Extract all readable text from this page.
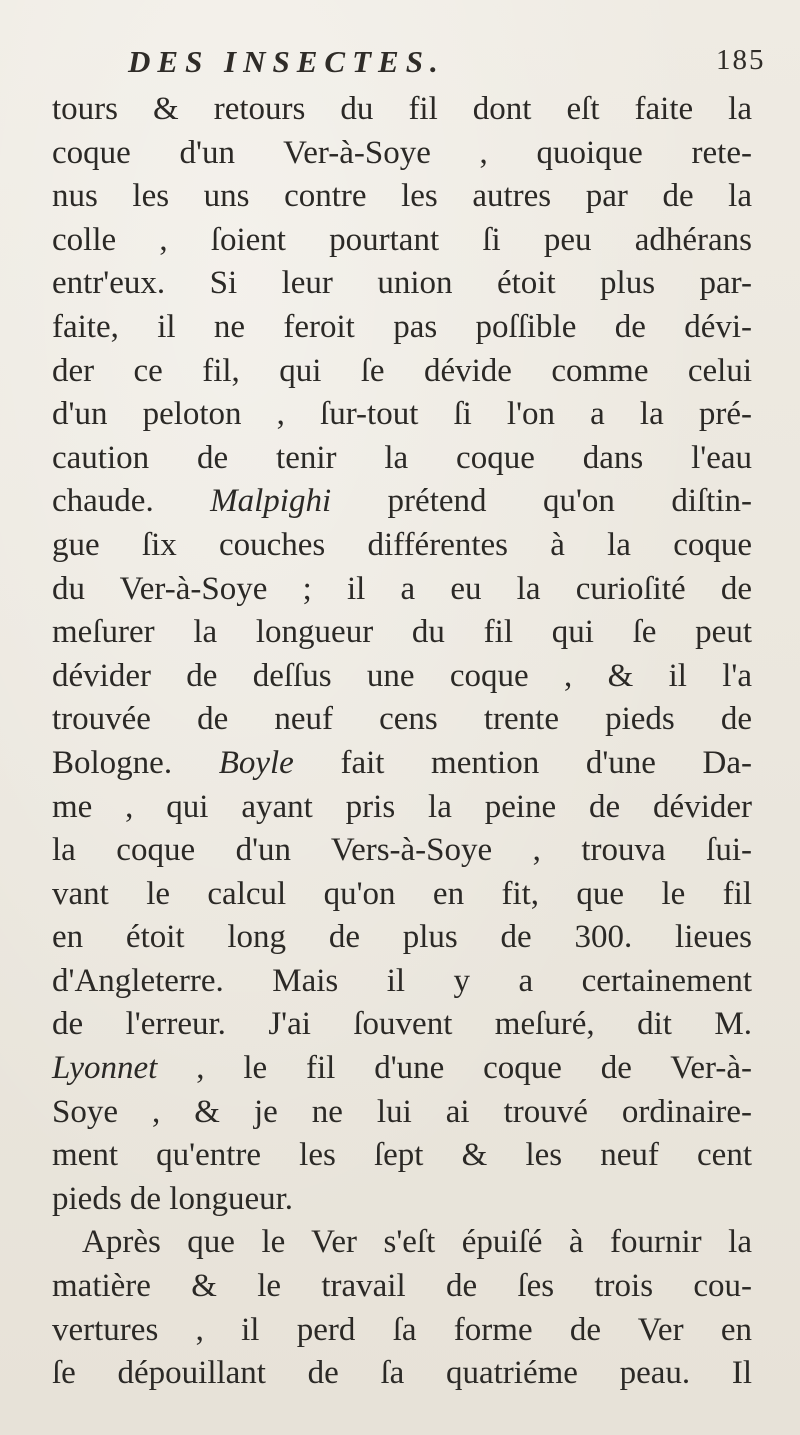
DES INSECTES.	185
tours & retours du fil dont eſt faite la
coque d'un Ver-à-Soye , quoique rete-
nus les uns contre les autres par de la
colle , ſoient pourtant ſi peu adhérans
entr'eux. Si leur union étoit plus par-
faite, il ne feroit pas poſſible de dévi-
der ce fil, qui ſe dévide comme celui
d'un peloton , ſur-tout ſi l'on a la pré-
caution de tenir la coque dans l'eau
chaude. Malpighi prétend qu'on diſtin-
gue ſix couches différentes à la coque
du Ver-à-Soye ; il a eu la curioſité de
meſurer la longueur du fil qui ſe peut
dévider de deſſus une coque , & il l'a
trouvée de neuf cens trente pieds de
Bologne. Boyle fait mention d'une Da-
me , qui ayant pris la peine de dévider
la coque d'un Vers-à-Soye , trouva ſui-
vant le calcul qu'on en fit, que le fil
en étoit long de plus de 300. lieues
d'Angleterre. Mais il y a certainement
de l'erreur. J'ai ſouvent meſuré, dit M.
Lyonnet , le fil d'une coque de Ver-à-
Soye , & je ne lui ai trouvé ordinaire-
ment qu'entre les ſept & les neuf cent
pieds de longueur.
Après que le Ver s'eſt épuiſé à fournir la
matière & le travail de ſes trois cou-
vertures , il perd ſa forme de Ver en
ſe dépouillant de ſa quatriéme peau. Il
